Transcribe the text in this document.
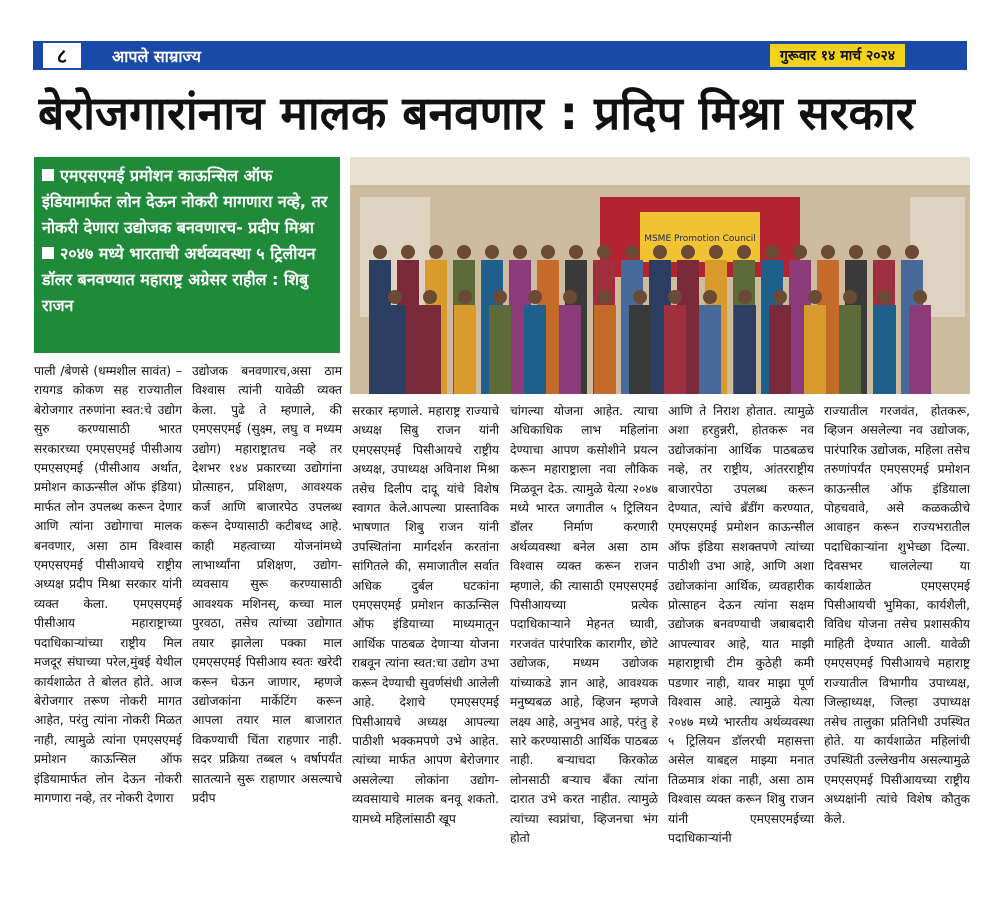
८	आपले साम्राज्य	गुरूवार १४ मार्च २०२४
बेरोजगारांनाच मालक बनवणार : प्रदिप मिश्रा सरकार

एमएसएमई प्रमोशन काऊन्सिल ऑफ इंडियामार्फत लोन देऊन नोकरी मागणारा नव्हे, तर नोकरी देणारा उद्योजक बनवणारच- प्रदीप मिश्रा

२०४७ मध्ये भारताची अर्थव्यवस्था ५ ट्रिलीयन डॉलर बनवण्यात महाराष्ट्र अग्रेसर राहील : शिबु राजन

MSME Promotion Council

पाली /बेणसे (धम्मशील सावंत) – रायगड कोकण सह राज्यातील बेरोजगार तरुणांना स्वत:चे उद्योग सुरु करण्यासाठी भारत सरकारच्या एमएसएमई पीसीआय एमएसएमई (पीसीआय अर्थात, प्रमोशन काऊन्सील ऑफ इंडिया) मार्फत लोन उपलब्ध करून देणार आणि त्यांना उद्योगाचा मालक बनवणार, असा ठाम विश्वास एमएसएमई पीसीआयचे राष्ट्रीय अध्यक्ष प्रदीप मिश्रा सरकार यांनी व्यक्त केला. एमएसएमई पीसीआय महाराष्ट्राच्या पदाधिकाऱ्यांच्या राष्ट्रीय मिल मजदूर संघाच्या परेल,मुंबई येथील कार्यशाळेत ते बोलत होते. आज बेरोजगार तरूण नोकरी मागत आहेत, परंतु त्यांना नोकरी मिळत नाही, त्यामुळे त्यांना एमएसएमई प्रमोशन काऊन्सिल ऑफ इंडियामार्फत लोन देऊन नोकरी मागणारा नव्हे, तर नोकरी देणारा

उद्योजक बनवणारच,असा ठाम विश्वास त्यांनी यावेळी व्यक्त केला. पुढे ते म्हणाले, की एमएसएमई (सुक्ष्म, लघु व मध्यम उद्योग) महाराष्ट्रातच नव्हे तर देशभर १४४ प्रकारच्या उद्योगांना प्रोत्साहन, प्रशिक्षण, आवश्यक कर्ज आणि बाजारपेठ उपलब्ध करून देण्यासाठी कटीबध्द आहे. काही महत्वाच्या योजनांमध्ये लाभार्थ्यांना प्रशिक्षण, उद्योग-व्यवसाय सुरू करण्यासाठी आवश्यक मशिनस्, कच्चा माल पुरवठा, तसेच त्यांच्या उद्योगात तयार झालेला पक्का माल एमएसएमई पिसीआय स्वतः खरेदी करून घेऊन जाणार, म्हणजे उद्योजकांना मार्केटिंग करून आपला तयार माल बाजारात विकण्याची चिंता राहणार नाही. सदर प्रक्रिया तब्बल ५ वर्षापर्यंत सातत्याने सुरू राहाणार असल्याचे प्रदीप

सरकार म्हणाले. महाराष्ट्र राज्याचे अध्यक्ष सिबु राजन यांनी एमएसएमई पिसीआयचे राष्ट्रीय अध्यक्ष, उपाध्यक्ष अविनाश मिश्रा तसेच दिलीप दादू यांचे विशेष स्वागत केले.आपल्या प्रास्ताविक भाषणात शिबु राजन यांनी उपस्थितांना मार्गदर्शन करतांना सांगितले की, समाजातील सर्वात अधिक दुर्बल घटकांना एमएसएमई प्रमोशन काऊन्सिल ऑफ इंडियाच्या माध्यमातून आर्थिक पाठबळ देणाऱ्या योजना राबवून त्यांना स्वत:चा उद्योग उभा करून देण्याची सुवर्णसंधी आलेली आहे. देशाचे एमएसएमई पिसीआयचे अध्यक्ष आपल्या पाठीशी भक्कमपणे उभे आहेत. त्यांच्या मार्फत आपण बेरोजगार असलेल्या लोकांना उद्योग-व्यवसायाचे मालक बनवू शकतो. यामध्ये महिलांसाठी खूप

चांगल्या योजना आहेत. त्याचा अधिकाधिक लाभ महिलांना देण्याचा आपण कसोशीने प्रयत्न करून महाराष्ट्राला नवा लौकिक मिळवून देऊ. त्यामुळे येत्या २०४७ मध्ये भारत जगातील ५ ट्रिलियन डॉलर निर्माण करणारी अर्थव्यवस्था बनेल असा ठाम विश्वास व्यक्त करून राजन म्हणाले, की त्यासाठी एमएसएमई पिसीआयच्या प्रत्येक पदाधिकाऱ्याने मेहनत घ्यावी, गरजवंत पारंपारिक कारागीर, छोटे उद्योजक, मध्यम उद्योजक यांच्याकडे ज्ञान आहे, आवश्यक मनुष्यबळ आहे, व्हिजन म्हणजे लक्ष्य आहे, अनुभव आहे, परंतु हे सारे करण्यासाठी आर्थिक पाठबळ नाही. बऱ्याचदा किरकोळ लोनसाठी बऱ्याच बँका त्यांना दारात उभे करत नाहीत. त्यामुळे त्यांच्या स्वप्नांचा, व्हिजनचा भंग होतो

आणि ते निराश होतात. त्यामुळे अशा हरहुन्नरी, होतकरू नव उद्योजकांना आर्थिक पाठबळच नव्हे, तर राष्ट्रीय, आंतरराष्ट्रीय बाजारपेठा उपलब्ध करून देण्यात, त्यांचे ब्रँडींग करण्यात, एमएसएमई प्रमोशन काऊन्सील ऑफ इंडिया सशक्तपणे त्यांच्या पाठीशी उभा आहे, आणि अशा उद्योजकांना आर्थिक, व्यवहारीक प्रोत्साहन देऊन त्यांना सक्षम उद्योजक बनवण्याची जबाबदारी आपल्यावर आहे, यात माझी महाराष्ट्राची टीम कुठेही कमी पडणार नाही, यावर माझा पूर्ण विश्वास आहे. त्यामुळे येत्या २०४७ मध्ये भारतीय अर्थव्यवस्था ५ ट्रिलियन डॉलरची महासत्ता असेल याबद्दल माझ्या मनात तिळमात्र शंका नाही, असा ठाम विश्वास व्यक्त करून शिबु राजन यांनी एमएसएमईच्या पदाधिकाऱ्यांनी

राज्यातील गरजवंत, होतकरू, व्हिजन असलेल्या नव उद्योजक, पारंपारिक उद्योजक, महिला तसेच तरुणांपर्यंत एमएसएमई प्रमोशन काऊन्सील ऑफ इंडियाला पोहचवावे, असे कळकळीचे आवाहन करून राज्यभरातील पदाधिकाऱ्यांना शुभेच्छा दिल्या. दिवसभर चाललेल्या या कार्यशाळेत एमएसएमई पिसीआयची भुमिका, कार्यशैली, विविध योजना तसेच प्रशासकीय माहिती देण्यात आली. यावेळी एमएसएमई पिसीआयचे महाराष्ट्र राज्यातील विभागीय उपाध्यक्ष, जिल्हाध्यक्ष, जिल्हा उपाध्यक्ष तसेच तालुका प्रतिनिधी उपस्थित होते. या कार्यशाळेत महिलांची उपस्थिती उल्लेखनीय असल्यामुळे एमएसएमई पिसीआयच्या राष्ट्रीय अध्यक्षांनी त्यांचे विशेष कौतुक केले.
